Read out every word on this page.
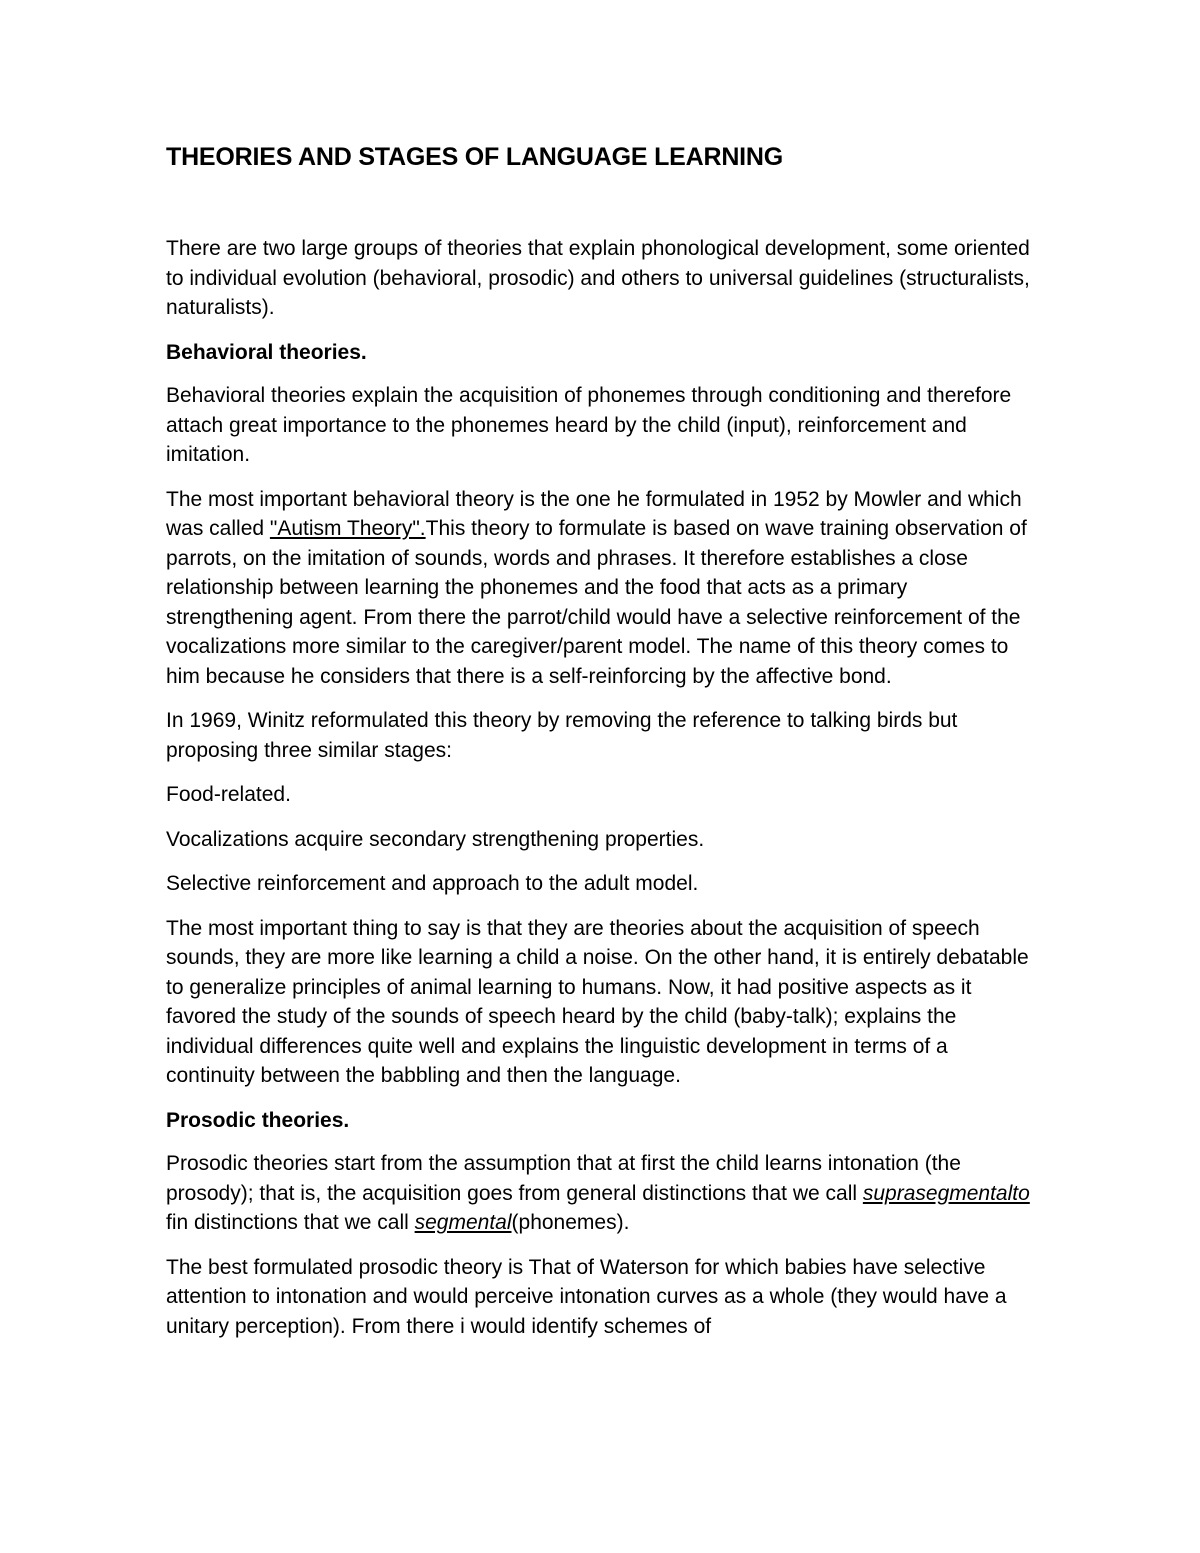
THEORIES AND STAGES OF LANGUAGE LEARNING

There are two large groups of theories that explain phonological development, some oriented to individual evolution (behavioral, prosodic) and others to universal guidelines (structuralists, naturalists).

Behavioral theories.

Behavioral theories explain the acquisition of phonemes through conditioning and therefore attach great importance to the phonemes heard by the child (input), reinforcement and imitation.

The most important behavioral theory is the one he formulated in 1952 by Mowler and which was called "Autism Theory".This theory to formulate is based on wave training observation of parrots, on the imitation of sounds, words and phrases. It therefore establishes a close relationship between learning the phonemes and the food that acts as a primary strengthening agent. From there the parrot/child would have a selective reinforcement of the vocalizations more similar to the caregiver/parent model. The name of this theory comes to him because he considers that there is a self-reinforcing by the affective bond.

In 1969, Winitz reformulated this theory by removing the reference to talking birds but proposing three similar stages:

Food-related.

Vocalizations acquire secondary strengthening properties.

Selective reinforcement and approach to the adult model.

The most important thing to say is that they are theories about the acquisition of speech sounds, they are more like learning a child a noise. On the other hand, it is entirely debatable to generalize principles of animal learning to humans. Now, it had positive aspects as it favored the study of the sounds of speech heard by the child (baby-talk); explains the individual differences quite well and explains the linguistic development in terms of a continuity between the babbling and then the language.

Prosodic theories.

Prosodic theories start from the assumption that at first the child learns intonation (the prosody); that is, the acquisition goes from general distinctions that we call suprasegmentalto fin distinctions that we call segmental(phonemes).

The best formulated prosodic theory is That of Waterson for which babies have selective attention to intonation and would perceive intonation curves as a whole (they would have a unitary perception). From there i would identify schemes of
